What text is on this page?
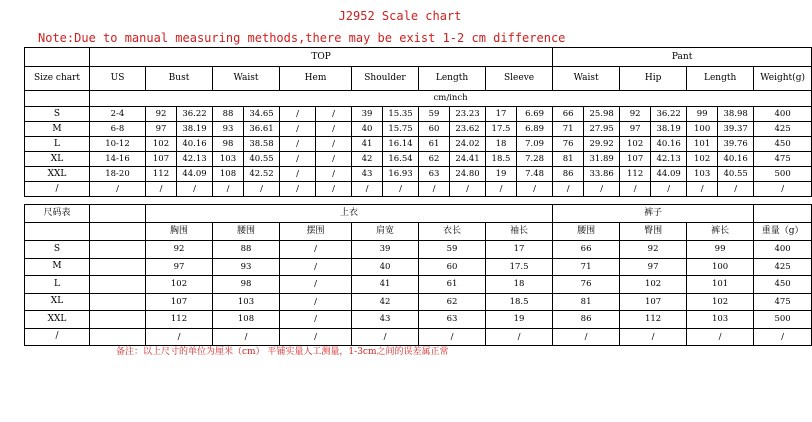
J2952 Scale chart
Note:Due to manual measuring methods,there may be exist 1-2 cm difference
	TOP													Pant						
Size chart	US	Bust		Waist		Hem		Shoulder		Length		Sleeve		Waist		Hip		Length		Weight(g)
	cm/inch																			
S	2-4	92	36.22	88	34.65	/	/	39	15.35	59	23.23	17	6.69	66	25.98	92	36.22	99	38.98	400
M	6-8	97	38.19	93	36.61	/	/	40	15.75	60	23.62	17.5	6.89	71	27.95	97	38.19	100	39.37	425
L	10-12	102	40.16	98	38.58	/	/	41	16.14	61	24.02	18	7.09	76	29.92	102	40.16	101	39.76	450
XL	14-16	107	42.13	103	40.55	/	/	42	16.54	62	24.41	18.5	7.28	81	31.89	107	42.13	102	40.16	475
XXL	18-20	112	44.09	108	42.52	/	/	43	16.93	63	24.80	19	7.48	86	33.86	112	44.09	103	40.55	500
/	/	/	/	/	/	/	/	/	/	/	/	/	/	/	/	/	/	/	/	/
尺码表		上衣						裤子			
		胸围	腰围	摆围	肩宽	衣长	袖长	腰围	臀围	裤长	重量（g）
S		92	88	/	39	59	17	66	92	99	400
M		97	93	/	40	60	17.5	71	97	100	425
L		102	98	/	41	61	18	76	102	101	450
XL		107	103	/	42	62	18.5	81	107	102	475
XXL		112	108	/	43	63	19	86	112	103	500
/		/	/	/	/	/	/	/	/	/	/
备注：以上尺寸的单位为厘米（cm） 平铺实量人工测量，1-3cm之间的误差属正常
